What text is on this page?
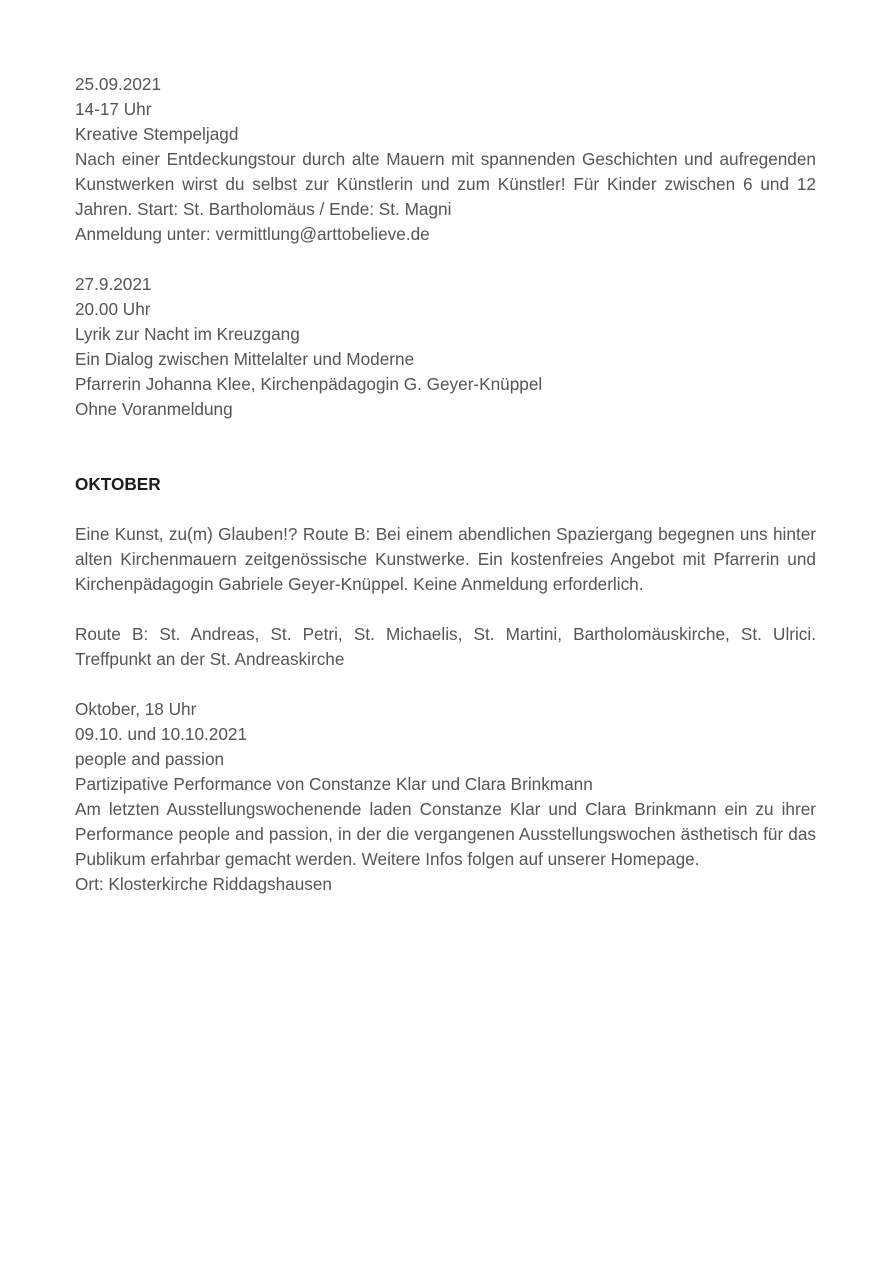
25.09.2021
14-17 Uhr
Kreative Stempeljagd

Nach einer Entdeckungstour durch alte Mauern mit spannenden Geschichten und aufregenden Kunstwerken wirst du selbst zur Künstlerin und zum Künstler! Für Kinder zwischen 6 und 12 Jahren. Start: St. Bartholomäus / Ende: St. Magni

Anmeldung unter: vermittlung@arttobelieve.de
27.9.2021
20.00 Uhr
Lyrik zur Nacht im Kreuzgang
Ein Dialog zwischen Mittelalter und Moderne
Pfarrerin Johanna Klee, Kirchenpädagogin G. Geyer-Knüppel
Ohne Voranmeldung
OKTOBER

Eine Kunst, zu(m) Glauben!? Route B: Bei einem abendlichen Spaziergang begegnen uns hinter alten Kirchenmauern zeitgenössische Kunstwerke. Ein kostenfreies Angebot mit Pfarrerin und Kirchenpädagogin Gabriele Geyer-Knüppel. Keine Anmeldung erforderlich.

Route B: St. Andreas, St. Petri, St. Michaelis, St. Martini, Bartholomäuskirche, St. Ulrici. Treffpunkt an der St. Andreaskirche

Oktober, 18 Uhr
09.10. und 10.10.2021
people and passion
Partizipative Performance von Constanze Klar und Clara Brinkmann

Am letzten Ausstellungswochenende laden Constanze Klar und Clara Brinkmann ein zu ihrer Performance people and passion, in der die vergangenen Ausstellungswochen ästhetisch für das Publikum erfahrbar gemacht werden. Weitere Infos folgen auf unserer Homepage.

Ort: Klosterkirche Riddagshausen
